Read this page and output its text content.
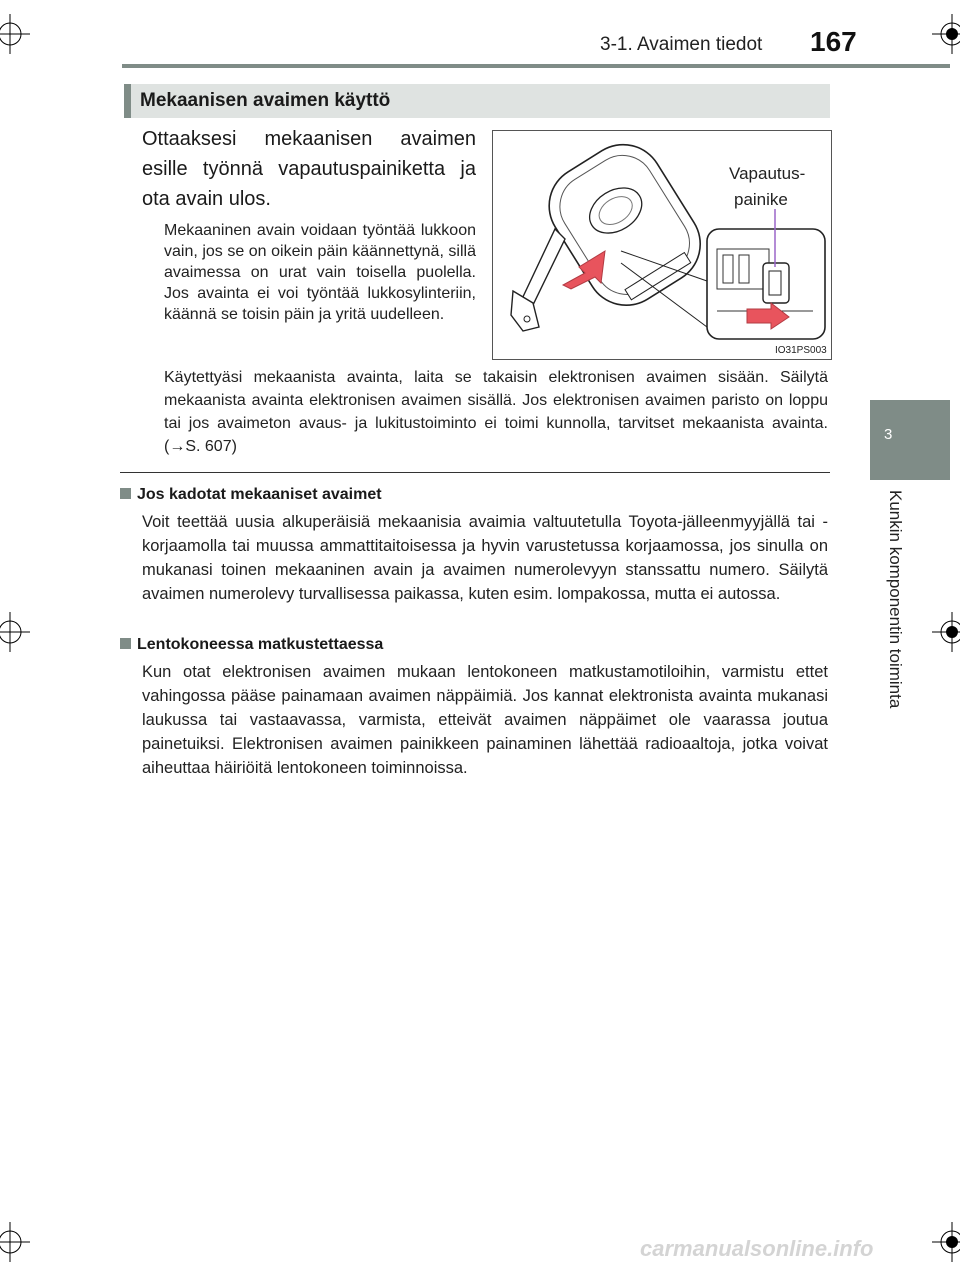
3-1. Avaimen tiedot 167
3
Kunkin komponentin toiminta
Mekaanisen avaimen käyttö
Ottaaksesi mekaanisen avaimen esille työnnä vapautuspainiketta ja ota avain ulos.
Mekaaninen avain voidaan työntää lukkoon vain, jos se on oikein päin käännettynä, sillä avaimessa on urat vain toisella puolella. Jos avainta ei voi työntää lukkosylinteriin, käännä se toisin päin ja yritä uudelleen.
Käytettyäsi mekaanista avainta, laita se takaisin elektronisen avaimen sisään. Säilytä mekaanista avainta elektronisen avaimen sisällä. Jos elektronisen avaimen paristo on loppu tai jos avaimeton avaus- ja lukitustoiminto ei toimi kunnolla, tarvitset mekaanista avainta. (→S. 607)
Vapautus-
painike
IO31PS003
Jos kadotat mekaaniset avaimet
Voit teettää uusia alkuperäisiä mekaanisia avaimia valtuutetulla Toyota-jälleenmyyjällä tai -korjaamolla tai muussa ammattitaitoisessa ja hyvin varustetussa korjaamossa, jos sinulla on mukanasi toinen mekaaninen avain ja avaimen numerolevyyn stanssattu numero. Säilytä avaimen numerolevy turvallisessa paikassa, kuten esim. lompakossa, mutta ei autossa.
Lentokoneessa matkustettaessa
Kun otat elektronisen avaimen mukaan lentokoneen matkustamotiloihin, varmistu ettet vahingossa pääse painamaan avaimen näppäimiä. Jos kannat elektronista avainta mukanasi laukussa tai vastaavassa, varmista, etteivät avaimen näppäimet ole vaarassa joutua painetuiksi. Elektronisen avaimen painikkeen painaminen lähettää radioaaltoja, jotka voivat aiheuttaa häiriöitä lentokoneen toiminnoissa.
carmanualsonline.info
